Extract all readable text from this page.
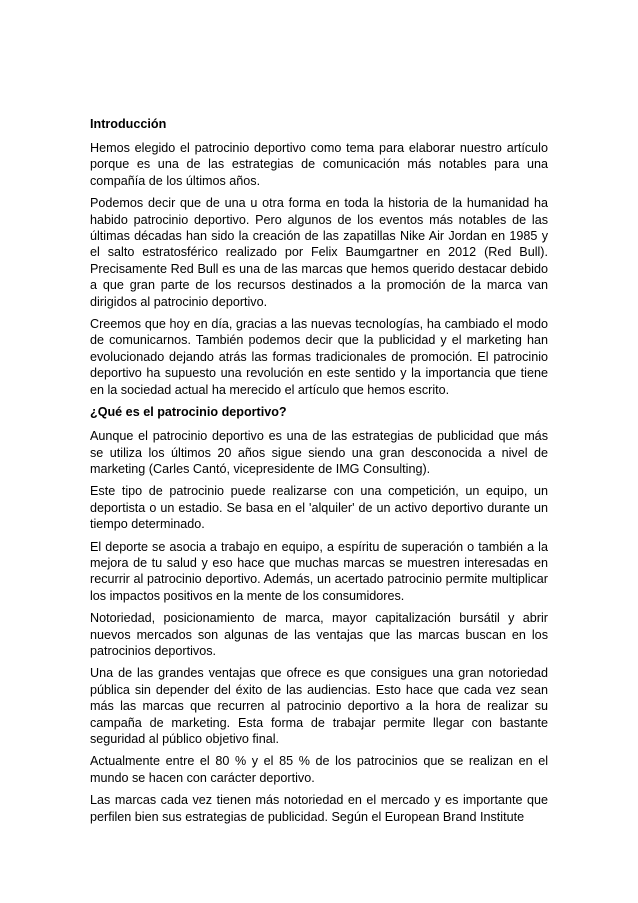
Introducción

Hemos elegido el patrocinio deportivo como tema para elaborar nuestro artículo porque es una de las estrategias de comunicación más notables para una compañía de los últimos años.

Podemos decir que de una u otra forma en toda la historia de la humanidad ha habido patrocinio deportivo. Pero algunos de los eventos más notables de las últimas décadas han sido la creación de las zapatillas Nike Air Jordan en 1985 y el salto estratosférico realizado por Felix Baumgartner en 2012 (Red Bull). Precisamente Red Bull es una de las marcas que hemos querido destacar debido a que gran parte de los recursos destinados a la promoción de la marca van dirigidos al patrocinio deportivo.

Creemos que hoy en día, gracias a las nuevas tecnologías, ha cambiado el modo de comunicarnos. También podemos decir que la publicidad y el marketing han evolucionado dejando atrás las formas tradicionales de promoción. El patrocinio deportivo ha supuesto una revolución en este sentido y la importancia que tiene en la sociedad actual ha merecido el artículo que hemos escrito.

¿Qué es el patrocinio deportivo?

Aunque el patrocinio deportivo es una de las estrategias de publicidad que más se utiliza los últimos 20 años sigue siendo una gran desconocida a nivel de marketing (Carles Cantó, vicepresidente de IMG Consulting).

Este tipo de patrocinio puede realizarse con una competición, un equipo, un deportista o un estadio. Se basa en el 'alquiler' de un activo deportivo durante un tiempo determinado.

El deporte se asocia a trabajo en equipo, a espíritu de superación o también a la mejora de tu salud y eso hace que muchas marcas se muestren interesadas en recurrir al patrocinio deportivo. Además, un acertado patrocinio permite multiplicar los impactos positivos en la mente de los consumidores.

Notoriedad, posicionamiento de marca, mayor capitalización bursátil y abrir nuevos mercados son algunas de las ventajas que las marcas buscan en los patrocinios deportivos.

Una de las grandes ventajas que ofrece es que consigues una gran notoriedad pública sin depender del éxito de las audiencias. Esto hace que cada vez sean más las marcas que recurren al patrocinio deportivo a la hora de realizar su campaña de marketing. Esta forma de trabajar permite llegar con bastante seguridad al público objetivo final.

Actualmente entre el 80 % y el 85 % de los patrocinios que se realizan en el mundo se hacen con carácter deportivo.

Las marcas cada vez tienen más notoriedad en el mercado y es importante que perfilen bien sus estrategias de publicidad. Según el European Brand Institute
